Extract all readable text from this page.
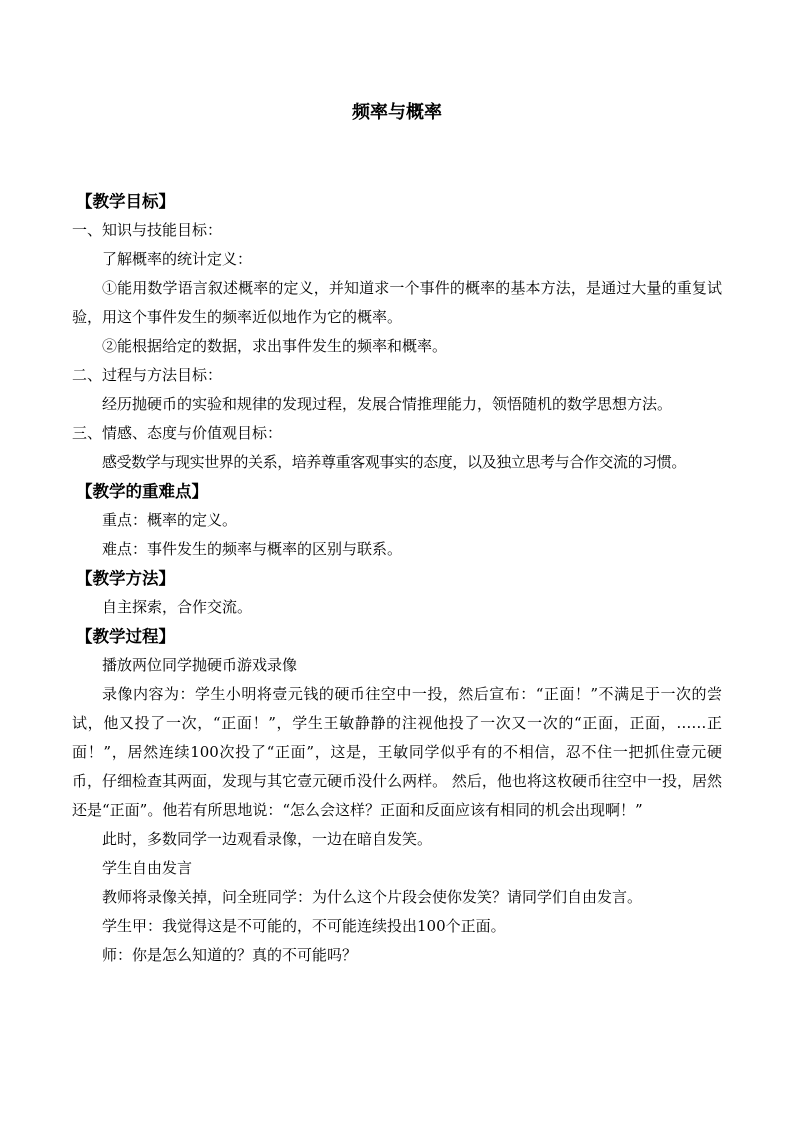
频率与概率

【教学目标】

一、知识与技能目标：

了解概率的统计定义：

①能用数学语言叙述概率的定义，并知道求一个事件的概率的基本方法，是通过大量的重复试验，用这个事件发生的频率近似地作为它的概率。

②能根据给定的数据，求出事件发生的频率和概率。

二、过程与方法目标：

经历抛硬币的实验和规律的发现过程，发展合情推理能力，领悟随机的数学思想方法。

三、情感、态度与价值观目标：

感受数学与现实世界的关系，培养尊重客观事实的态度，以及独立思考与合作交流的习惯。

【教学的重难点】

重点：概率的定义。

难点：事件发生的频率与概率的区别与联系。

【教学方法】

自主探索，合作交流。

【教学过程】

播放两位同学抛硬币游戏录像

录像内容为：学生小明将壹元钱的硬币往空中一投，然后宣布：“正面！”不满足于一次的尝试，他又投了一次，“正面！”，学生王敏静静的注视他投了一次又一次的“正面，正面，……正面！”，居然连续100次投了“正面”，这是，王敏同学似乎有的不相信，忍不住一把抓住壹元硬币，仔细检查其两面，发现与其它壹元硬币没什么两样。 然后，他也将这枚硬币往空中一投，居然还是“正面”。他若有所思地说：“怎么会这样？正面和反面应该有相同的机会出现啊！”

此时，多数同学一边观看录像，一边在暗自发笑。

学生自由发言

教师将录像关掉，问全班同学：为什么这个片段会使你发笑？请同学们自由发言。

学生甲：我觉得这是不可能的，不可能连续投出100个正面。

师：你是怎么知道的？真的不可能吗？
